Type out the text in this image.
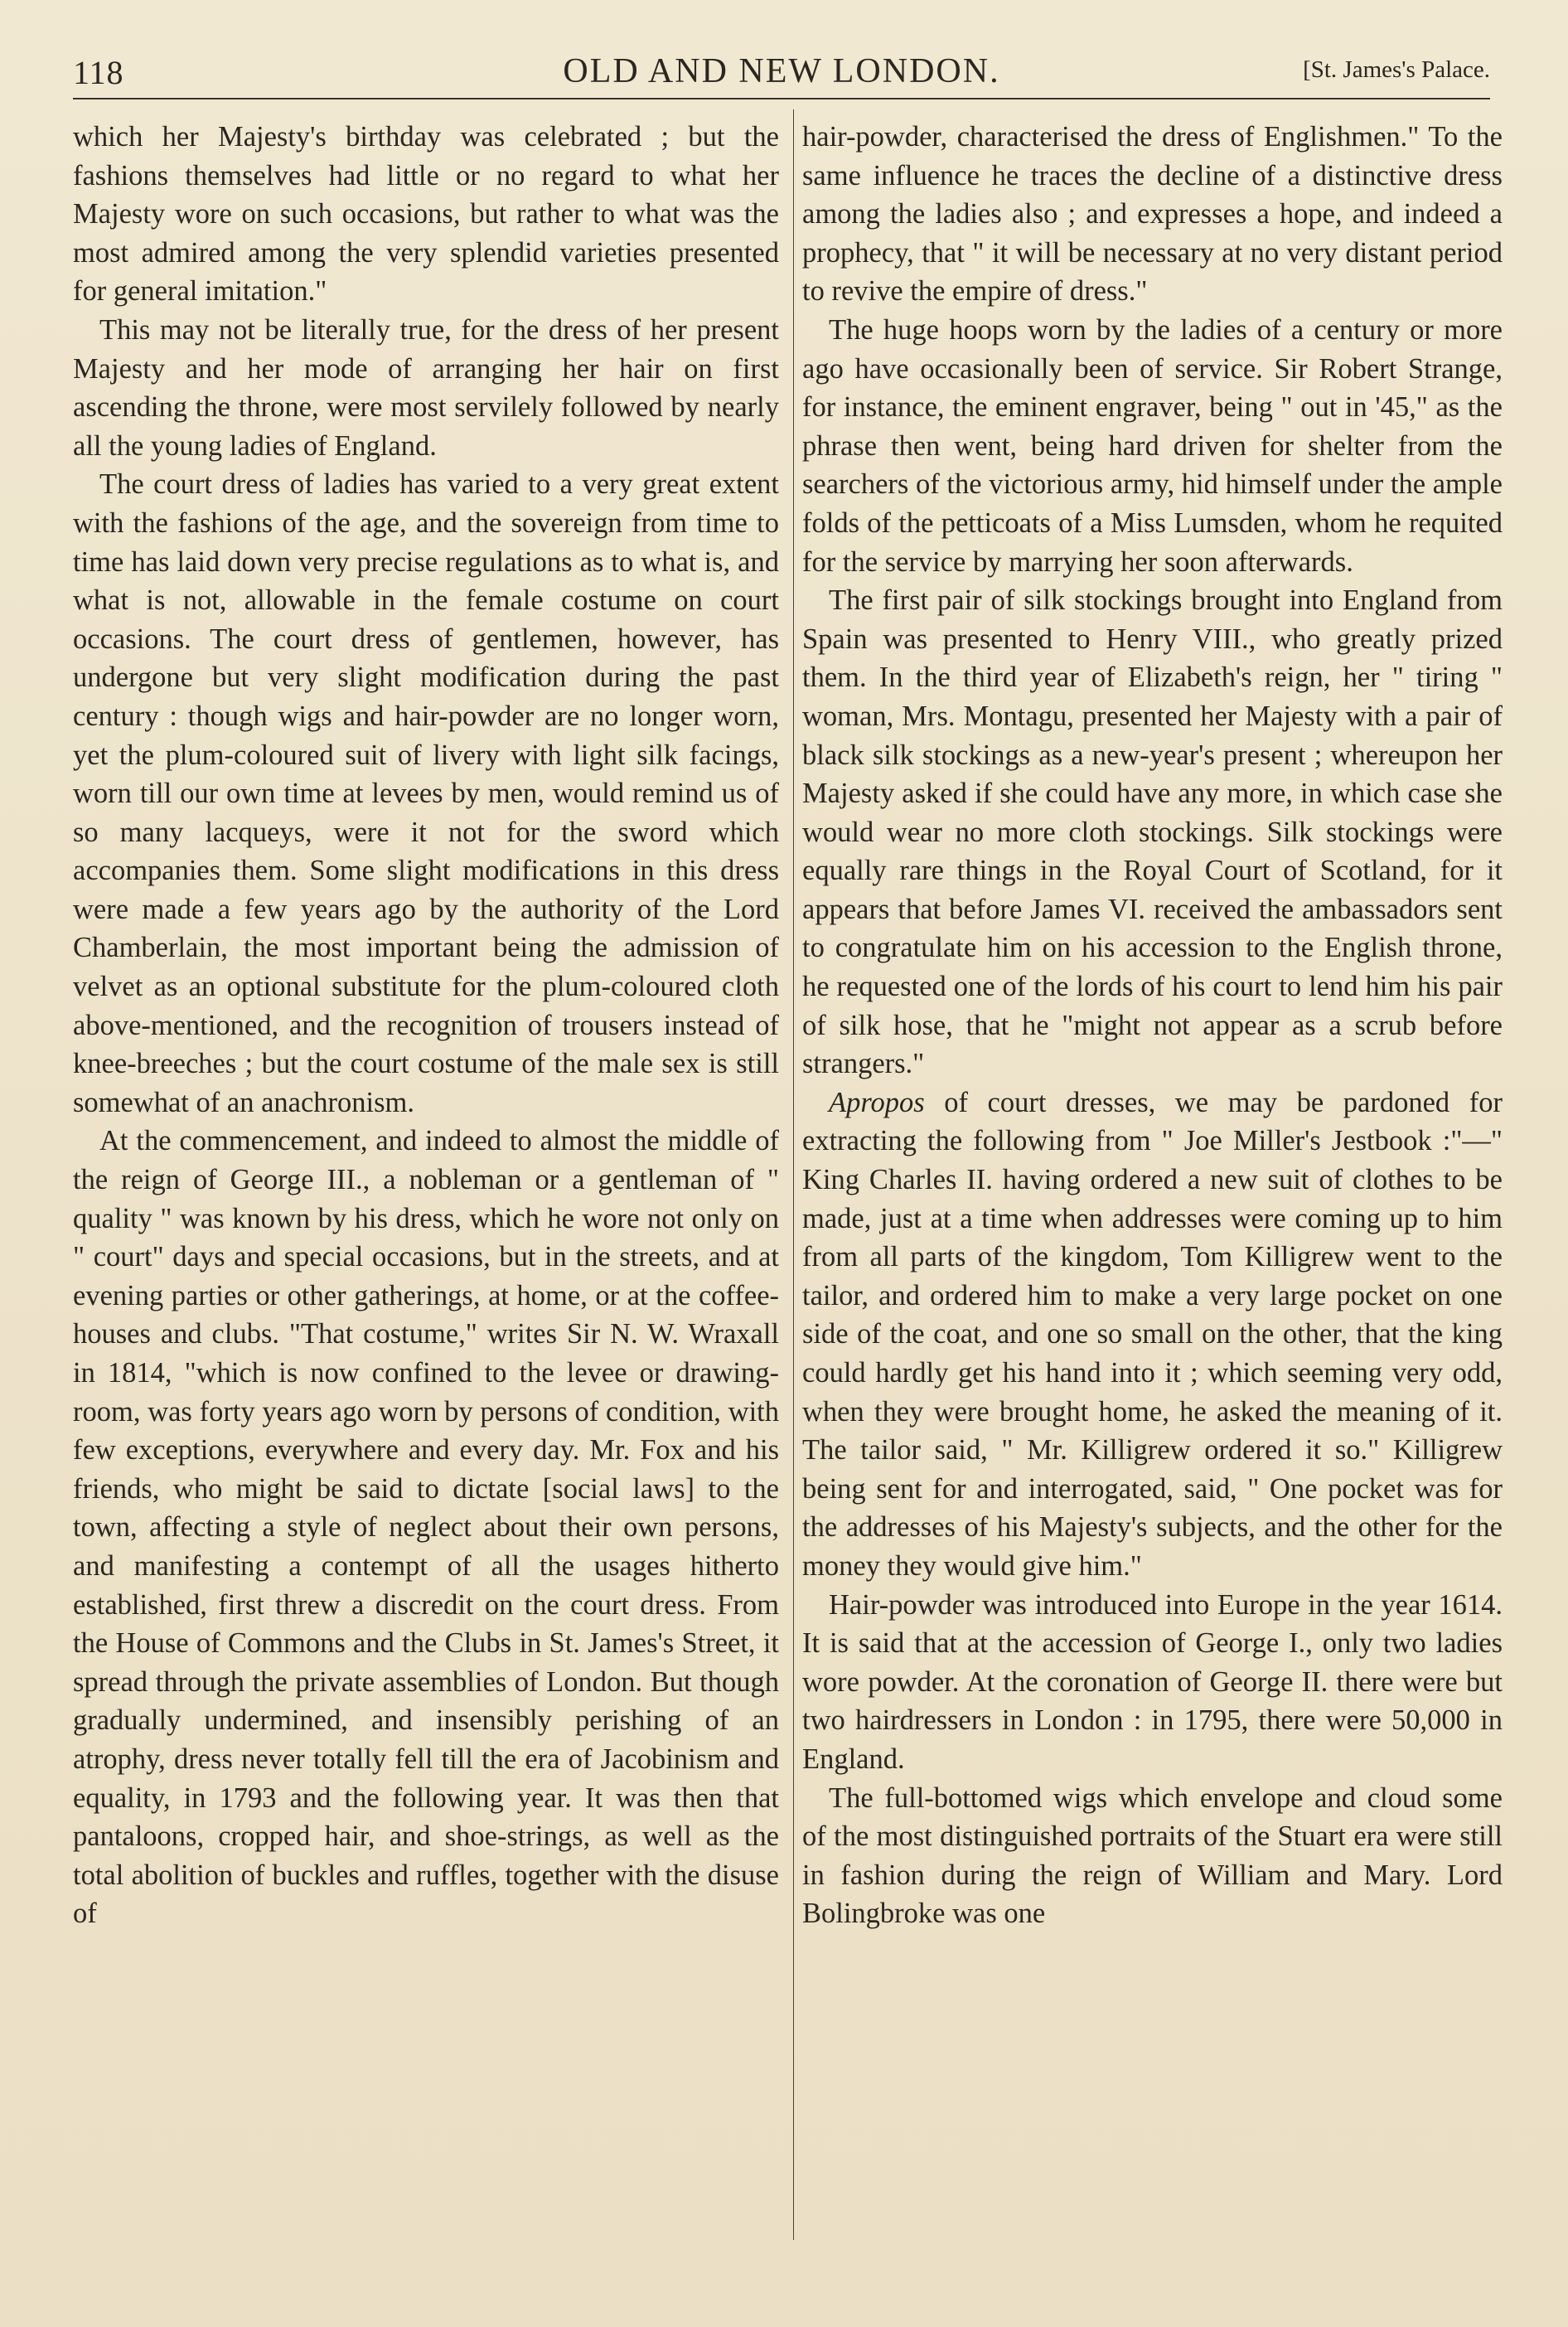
118	OLD AND NEW LONDON.	[St. James's Palace.

which her Majesty's birthday was celebrated ; but the fashions themselves had little or no regard to what her Majesty wore on such occasions, but rather to what was the most admired among the very splendid varieties presented for general imitation."

This may not be literally true, for the dress of her present Majesty and her mode of arranging her hair on first ascending the throne, were most servilely followed by nearly all the young ladies of England.

The court dress of ladies has varied to a very great extent with the fashions of the age, and the sovereign from time to time has laid down very precise regulations as to what is, and what is not, allowable in the female costume on court occasions. The court dress of gentlemen, however, has undergone but very slight modification during the past century : though wigs and hair-powder are no longer worn, yet the plum-coloured suit of livery with light silk facings, worn till our own time at levees by men, would remind us of so many lacqueys, were it not for the sword which accompanies them. Some slight modifications in this dress were made a few years ago by the authority of the Lord Chamberlain, the most important being the admission of velvet as an optional substitute for the plum-coloured cloth above-mentioned, and the recognition of trousers instead of knee-breeches ; but the court costume of the male sex is still somewhat of an anachronism.

At the commencement, and indeed to almost the middle of the reign of George III., a nobleman or a gentleman of " quality " was known by his dress, which he wore not only on " court" days and special occasions, but in the streets, and at evening parties or other gatherings, at home, or at the coffee-houses and clubs. "That costume," writes Sir N. W. Wraxall in 1814, "which is now confined to the levee or drawing-room, was forty years ago worn by persons of condition, with few exceptions, everywhere and every day. Mr. Fox and his friends, who might be said to dictate [social laws] to the town, affecting a style of neglect about their own persons, and manifesting a contempt of all the usages hitherto established, first threw a discredit on the court dress. From the House of Commons and the Clubs in St. James's Street, it spread through the private assemblies of London. But though gradually undermined, and insensibly perishing of an atrophy, dress never totally fell till the era of Jacobinism and equality, in 1793 and the following year. It was then that pantaloons, cropped hair, and shoe-strings, as well as the total abolition of buckles and ruffles, together with the disuse of

hair-powder, characterised the dress of Englishmen." To the same influence he traces the decline of a distinctive dress among the ladies also ; and expresses a hope, and indeed a prophecy, that " it will be necessary at no very distant period to revive the empire of dress."

The huge hoops worn by the ladies of a century or more ago have occasionally been of service. Sir Robert Strange, for instance, the eminent engraver, being " out in '45," as the phrase then went, being hard driven for shelter from the searchers of the victorious army, hid himself under the ample folds of the petticoats of a Miss Lumsden, whom he requited for the service by marrying her soon afterwards.

The first pair of silk stockings brought into England from Spain was presented to Henry VIII., who greatly prized them. In the third year of Elizabeth's reign, her " tiring " woman, Mrs. Montagu, presented her Majesty with a pair of black silk stockings as a new-year's present ; whereupon her Majesty asked if she could have any more, in which case she would wear no more cloth stockings. Silk stockings were equally rare things in the Royal Court of Scotland, for it appears that before James VI. received the ambassadors sent to congratulate him on his accession to the English throne, he requested one of the lords of his court to lend him his pair of silk hose, that he "might not appear as a scrub before strangers."

Apropos of court dresses, we may be pardoned for extracting the following from " Joe Miller's Jestbook :"—" King Charles II. having ordered a new suit of clothes to be made, just at a time when addresses were coming up to him from all parts of the kingdom, Tom Killigrew went to the tailor, and ordered him to make a very large pocket on one side of the coat, and one so small on the other, that the king could hardly get his hand into it ; which seeming very odd, when they were brought home, he asked the meaning of it. The tailor said, " Mr. Killigrew ordered it so." Killigrew being sent for and interrogated, said, " One pocket was for the addresses of his Majesty's subjects, and the other for the money they would give him."

Hair-powder was introduced into Europe in the year 1614. It is said that at the accession of George I., only two ladies wore powder. At the coronation of George II. there were but two hairdressers in London : in 1795, there were 50,000 in England.

The full-bottomed wigs which envelope and cloud some of the most distinguished portraits of the Stuart era were still in fashion during the reign of William and Mary. Lord Bolingbroke was one
